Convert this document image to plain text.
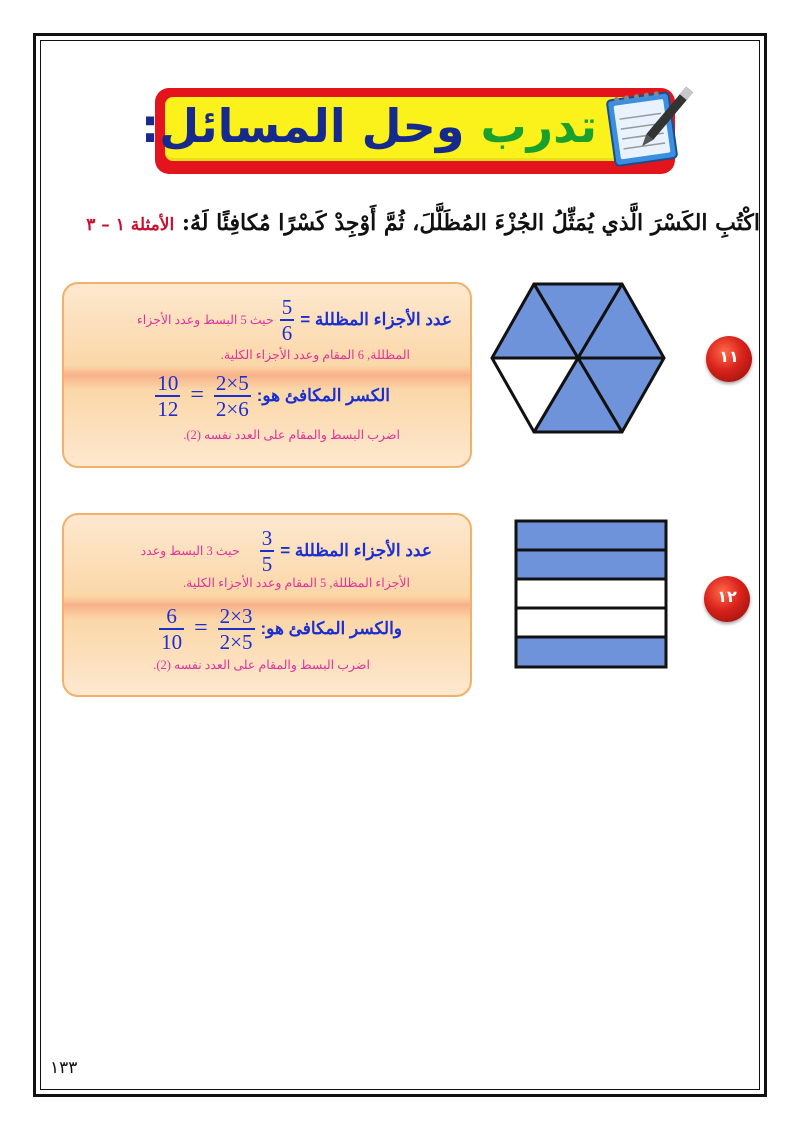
تدرب وحل المسائل:
اكْتُبِ الكَسْرَ الَّذي يُمَثِّلُ الجُزْءَ المُظَلَّلَ، ثُمَّ أَوْجِدْ كَسْرًا مُكافِئًا لَهُ: الأمثلة ١ – ٣
عدد الأجزاء المظللة =
$\frac{5}{6}$
حيث 5 البسط وعدد الأجزاء
المظللة, 6 المقام وعدد الأجزاء الكلية.
الكسر المكافئ هو:
$\frac{2\times 5}{2\times 6}$
=
$\frac{10}{12}$
اضرب البسط والمقام على العدد نفسه (2).
عدد الأجزاء المظللة =
$\frac{3}{5}$
حيث 3 البسط وعدد
الأجزاء المظللة, 5 المقام وعدد الأجزاء الكلية.
والكسر المكافئ هو:
$\frac{2\times 3}{2\times 5}$
=
$\frac{6}{10}$
اضرب البسط والمقام على العدد نفسه (2).
١١
١٢
١٣٣
